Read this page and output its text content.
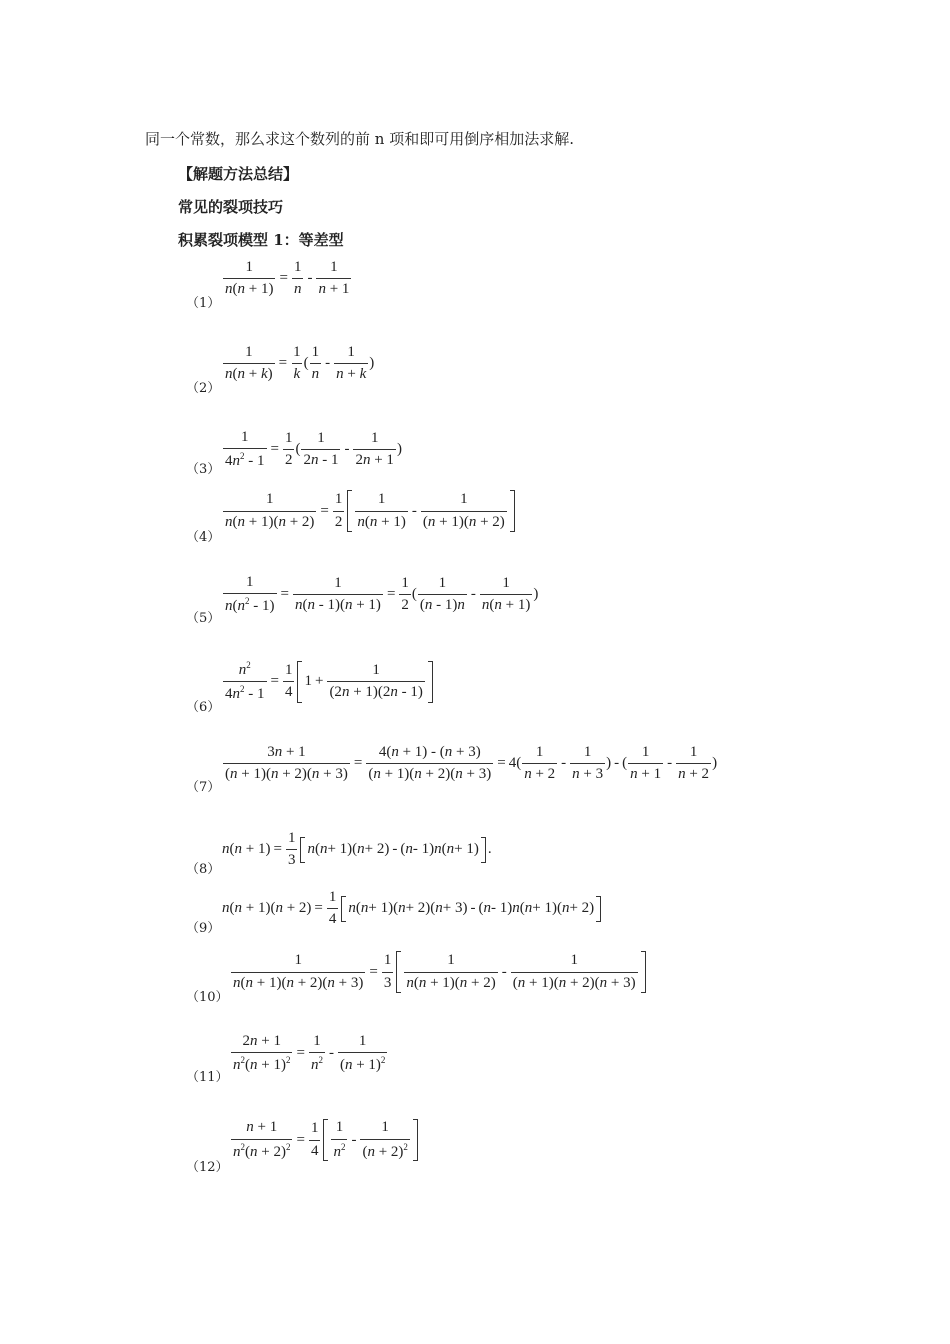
同一个常数，那么求这个数列的前 n 项和即可用倒序相加法求解.
【解题方法总结】
常见的裂项技巧
积累裂项模型 1：等差型
（1）
$\frac{1}{n(n + 1)} = \frac{1}{n}$ -
1
n + 1
（2）
$\frac{1}{n(n + k)} = \frac{1}{k}$ (
1
n
-
1
n + k
)
$(3) \frac{1}{4n^2 - 1} = \frac{1}{2}$ (
1
2n - 1
-
1
2n + 1
)
（4）
$\frac{1}{n(n + 1)(n + 2)} = \frac{1}{2} 1$
n(n + 1)
-
1
(n + 1)(n + 2)
（5）
$\frac{1}{n(n^2 - 1)} = \frac{1}{n(n - 1)(n + 1)} = \frac{1}{2}$ (
1
(n - 1)n
-
1
n(n + 1)
)
（6）
$\frac{n^2}{4n^2 - 1} = \frac{1}{4} 1 + \frac{1}{(2n + 1)(2n - 1)}$
（7）
$\frac{3n + 1}{(n + 1)(n + 2)(n + 3)} = \frac{4(n + 1) - (n + 3)}{(n + 1)(n + 2)(n + 3)} = 4( \frac{1}{n + 2}$ -
1
n + 3
) - (
1
n + 1
-
1
n + 2
)
（8）
$n(n + 1) = \frac{1}{3}$ n ( n + 1)( n + 2) - ( n - 1) n ( n + 1) .
（9）
$n(n + 1)(n + 2) = \frac{1}{4}$ n ( n + 1)( n + 2)( n + 3) - ( n - 1) n ( n + 1)( n + 2)
（10）
$\frac{1}{n(n + 1)(n + 2)(n + 3)} = \frac{1}{3}$	1
n(n + 1)(n + 2)
-
1
(n + 1)(n + 2)(n + 3)
（11）
$\frac{2n + 1}{n^2(n + 1)^2} = \frac{1}{n^2}$ -
1
$(n + 1)^2$
（12）
$\frac{n + 1}{n^2(n + 2)^2} = \frac{1}{4} 1$
$n^2$ -
1
$(n + 2)^2$
